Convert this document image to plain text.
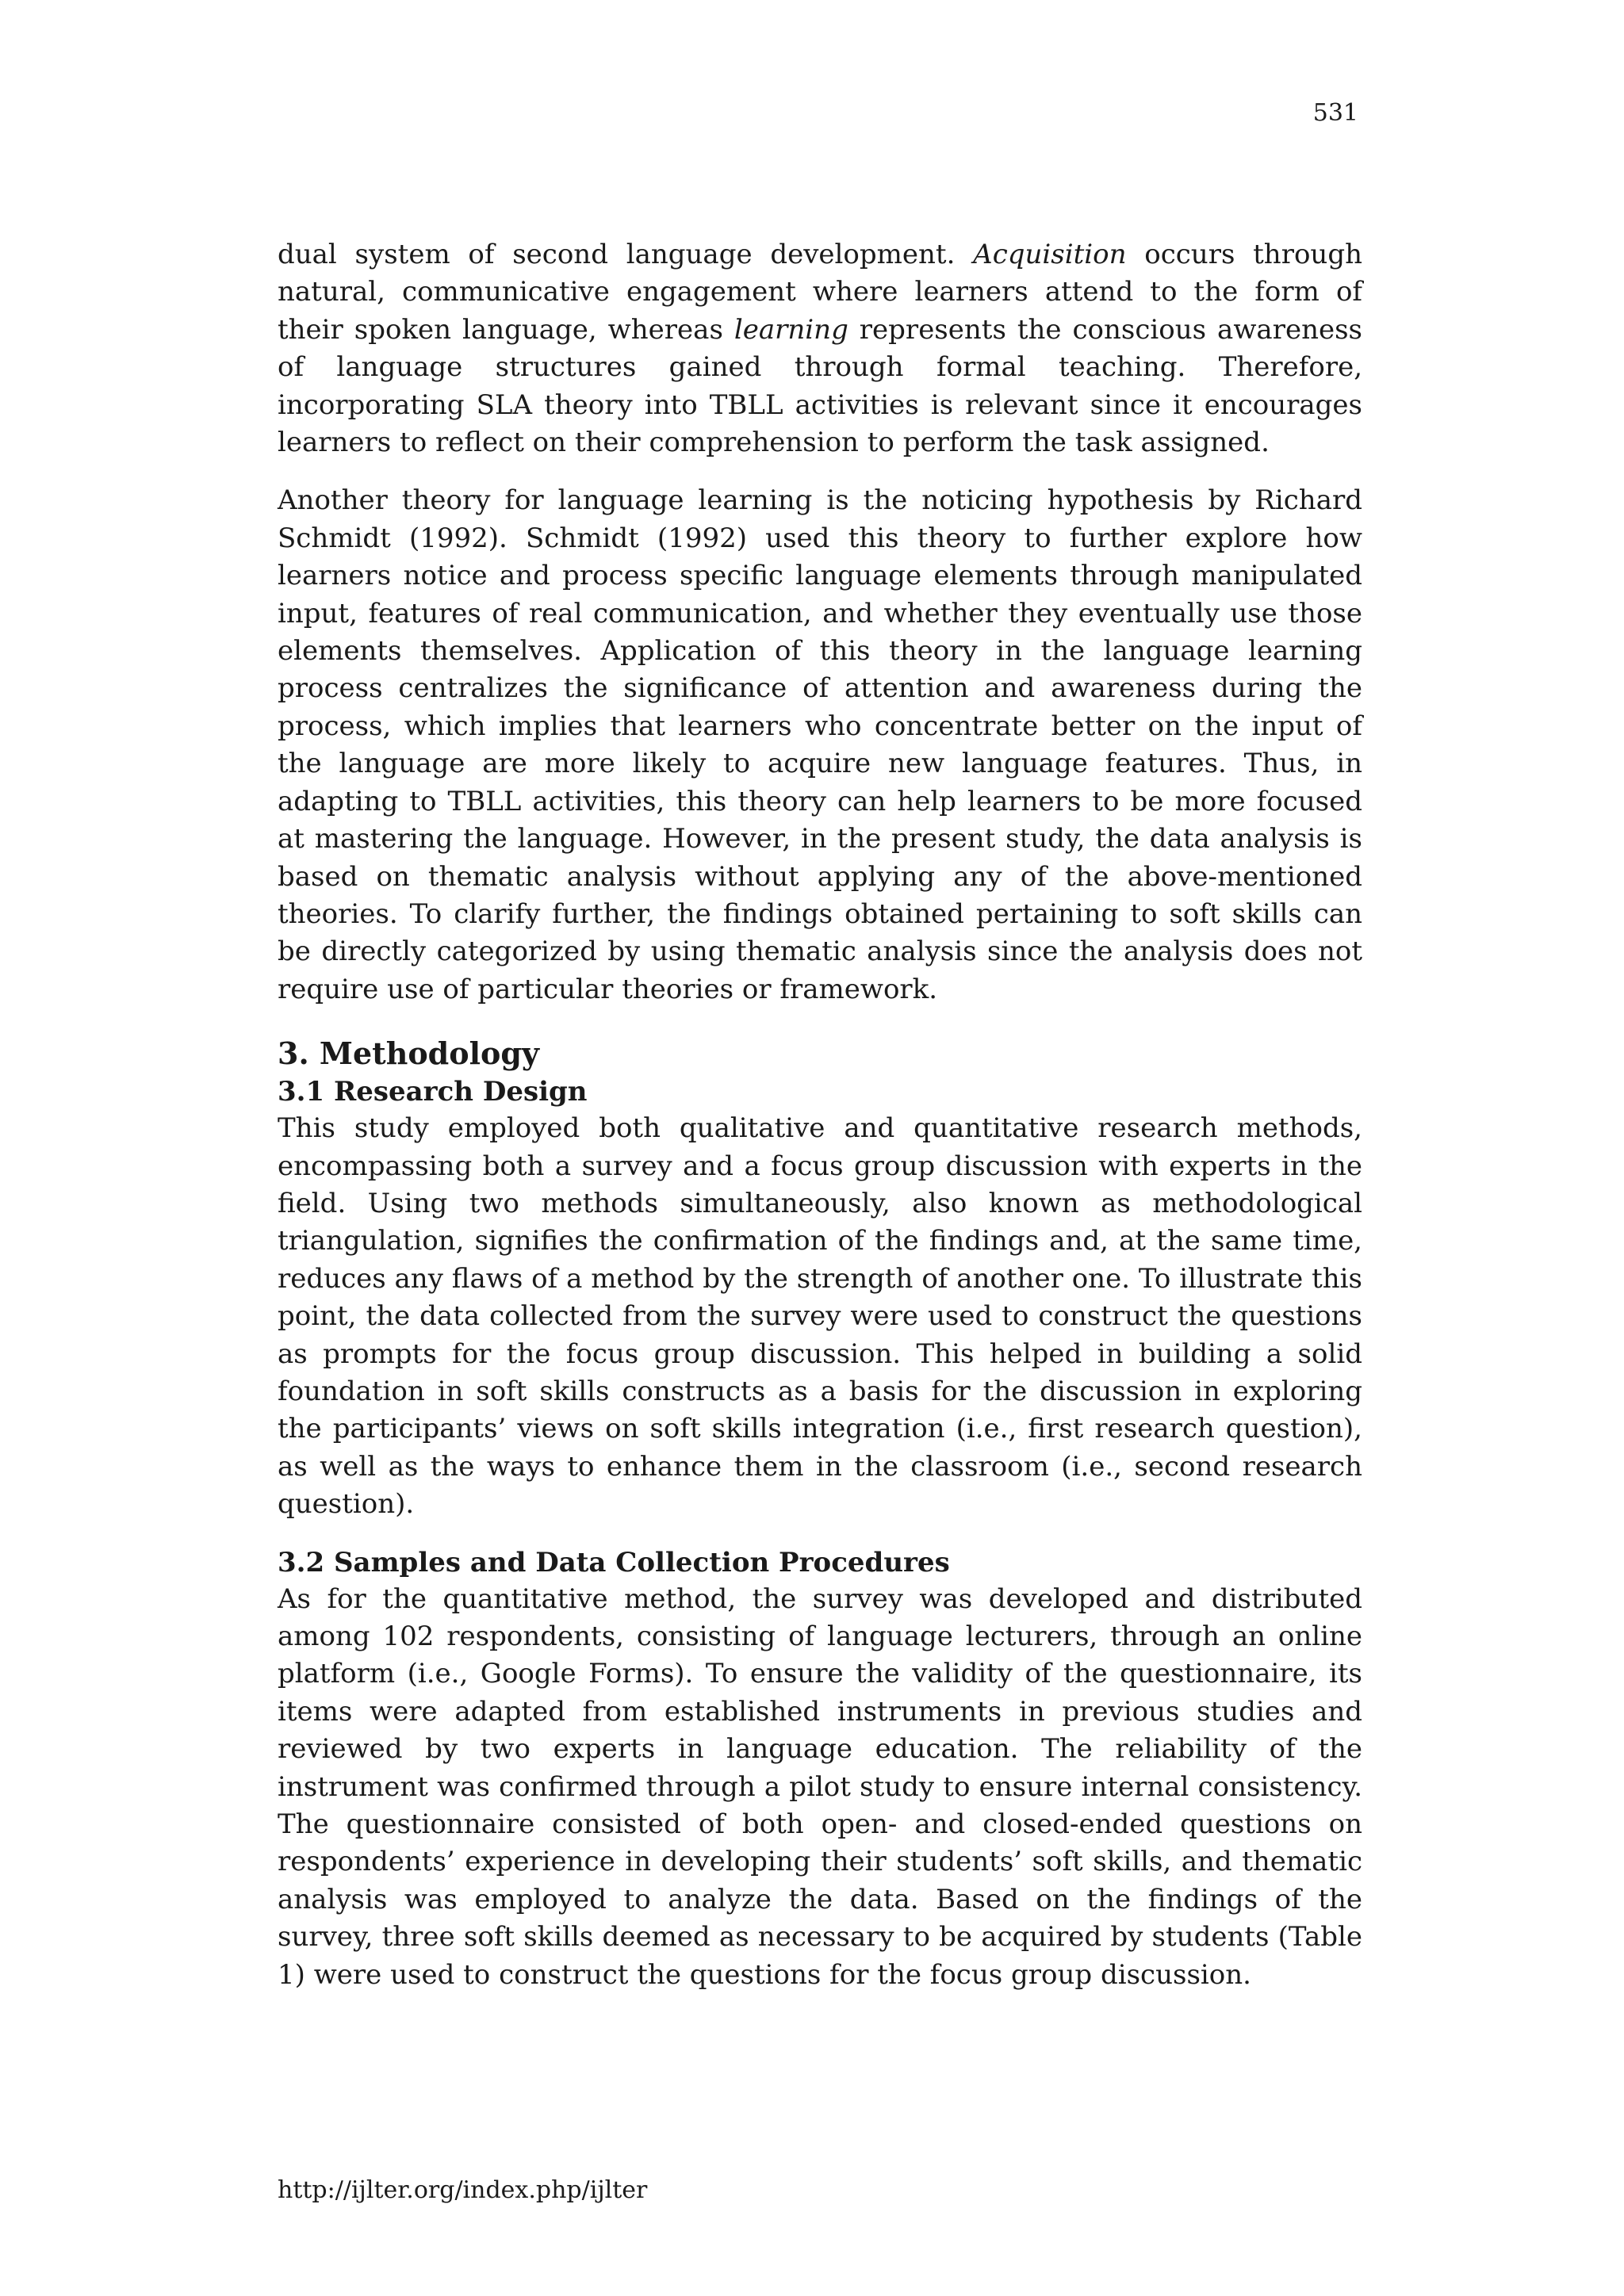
531

dual system of second language development. Acquisition occurs through natural, communicative engagement where learners attend to the form of their spoken language, whereas learning represents the conscious awareness of language structures gained through formal teaching. Therefore, incorporating SLA theory into TBLL activities is relevant since it encourages learners to reflect on their comprehension to perform the task assigned.

Another theory for language learning is the noticing hypothesis by Richard Schmidt (1992). Schmidt (1992) used this theory to further explore how learners notice and process specific language elements through manipulated input, features of real communication, and whether they eventually use those elements themselves. Application of this theory in the language learning process centralizes the significance of attention and awareness during the process, which implies that learners who concentrate better on the input of the language are more likely to acquire new language features. Thus, in adapting to TBLL activities, this theory can help learners to be more focused at mastering the language. However, in the present study, the data analysis is based on thematic analysis without applying any of the above-mentioned theories. To clarify further, the findings obtained pertaining to soft skills can be directly categorized by using thematic analysis since the analysis does not require use of particular theories or framework.

3. Methodology
3.1 Research Design

This study employed both qualitative and quantitative research methods, encompassing both a survey and a focus group discussion with experts in the field. Using two methods simultaneously, also known as methodological triangulation, signifies the confirmation of the findings and, at the same time, reduces any flaws of a method by the strength of another one. To illustrate this point, the data collected from the survey were used to construct the questions as prompts for the focus group discussion. This helped in building a solid foundation in soft skills constructs as a basis for the discussion in exploring the participants’ views on soft skills integration (i.e., first research question), as well as the ways to enhance them in the classroom (i.e., second research question).

3.2 Samples and Data Collection Procedures

As for the quantitative method, the survey was developed and distributed among 102 respondents, consisting of language lecturers, through an online platform (i.e., Google Forms). To ensure the validity of the questionnaire, its items were adapted from established instruments in previous studies and reviewed by two experts in language education. The reliability of the instrument was confirmed through a pilot study to ensure internal consistency. The questionnaire consisted of both open- and closed-ended questions on respondents’ experience in developing their students’ soft skills, and thematic analysis was employed to analyze the data. Based on the findings of the survey, three soft skills deemed as necessary to be acquired by students (Table 1) were used to construct the questions for the focus group discussion.

http://ijlter.org/index.php/ijlter
